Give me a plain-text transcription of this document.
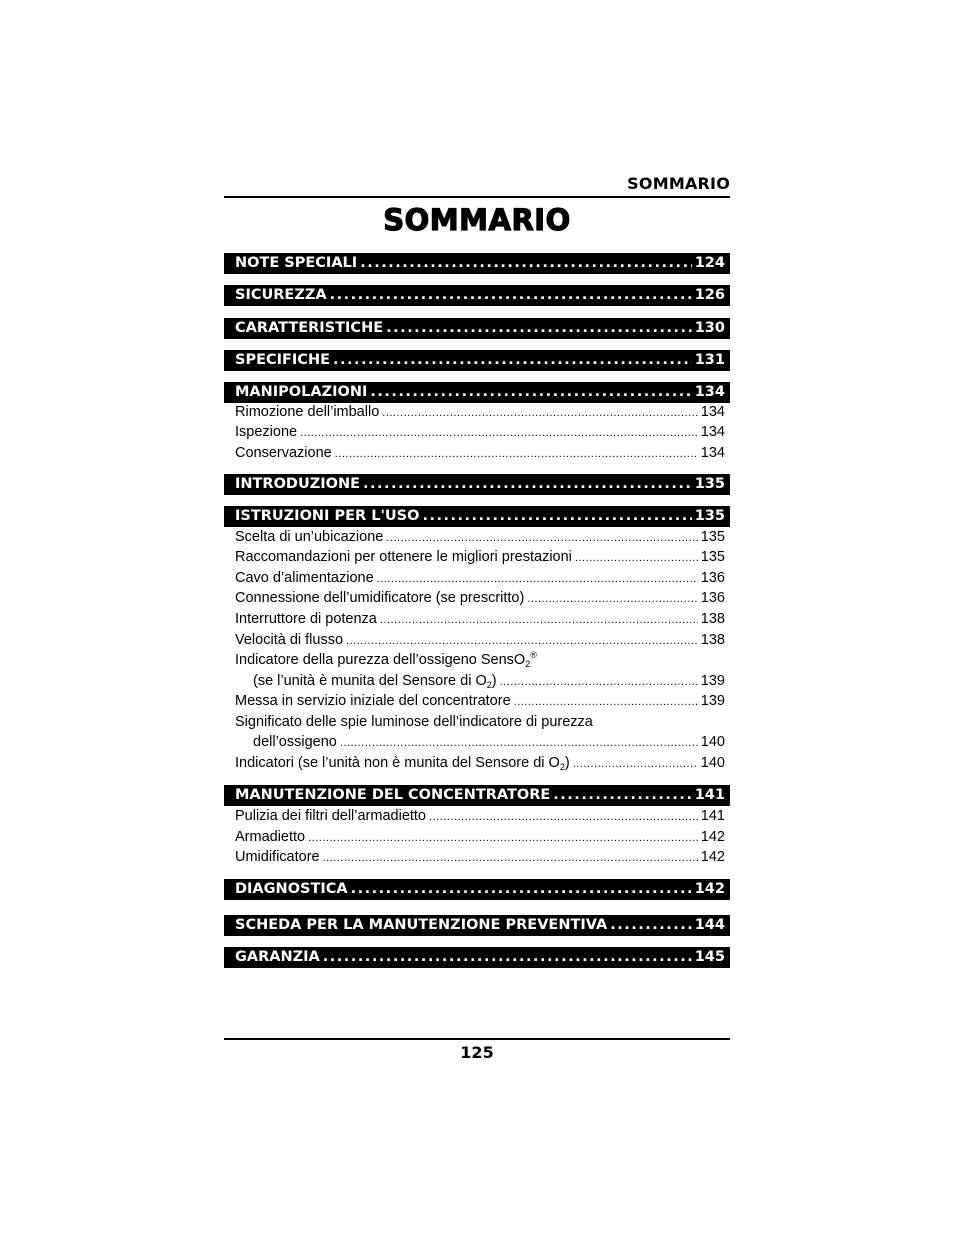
SOMMARIO
SOMMARIO
NOTE SPECIALI .....	124
SICUREZZA .....	126
CARATTERISTICHE .....	130
SPECIFICHE .....	131
MANIPOLAZIONI .....	134
Rimozione dell’imballo .....	134
Ispezione .....	134
Conservazione .....	134
INTRODUZIONE .....	135
ISTRUZIONI PER L'USO .....	135
Scelta di un’ubicazione .....	135
Raccomandazioni per ottenere le migliori prestazioni .....	135
Cavo d’alimentazione .....	136
Connessione dell’umidificatore (se prescritto) .....	136
Interruttore di potenza .....	138
Velocità di flusso .....	138
Indicatore della purezza dell’ossigeno SensO$_2$®
(se l’unità è munita del Sensore di $O_2$) .....	139
Messa in servizio iniziale del concentratore .....	139
Significato delle spie luminose dell’indicatore di purezza
dell’ossigeno .....	140
Indicatori (se l’unità non è munita del Sensore di $O_2$) .....	140
MANUTENZIONE DEL CONCENTRATORE .....	141
Pulizia dei filtri dell’armadietto .....	141
Armadietto .....	142
Umidificatore .....	142
DIAGNOSTICA .....	142
SCHEDA PER LA MANUTENZIONE PREVENTIVA .....	144
GARANZIA .....	145
125
